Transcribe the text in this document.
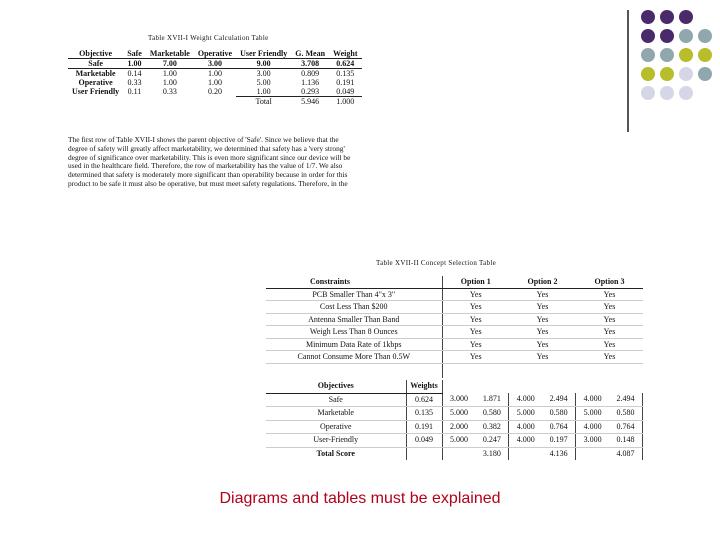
Table XVII-I Weight Calculation Table
Objective	Safe	Marketable	Operative	User Friendly	G. Mean	Weight
Safe	1.00	7.00	3.00	9.00	3.708	0.624
Marketable	0.14	1.00	1.00	3.00	0.809	0.135
Operative	0.33	1.00	1.00	5.00	1.136	0.191
User Friendly	0.11	0.33	0.20	1.00	0.293	0.049
				Total	5.946	1.000
The first row of Table XVII-I shows the parent objective of 'Safe'. Since we believe that the
degree of safety will greatly affect marketability, we determined that safety has a 'very strong'
degree of significance over marketability. This is even more significant since our device will be
used in the healthcare field. Therefore, the row of marketability has the value of 1/7. We also
determined that safety is moderately more significant than operability because in order for this
product to be safe it must also be operative, but must meet safety regulations. Therefore, in the
Table XVII-II Concept Selection Table
Constraints	Option 1	Option 2	Option 3
PCB Smaller Than 4"x 3"	Yes	Yes	Yes
Cost Less Than $200	Yes	Yes	Yes
Antenna Smaller Than Band	Yes	Yes	Yes
Weigh Less Than 8 Ounces	Yes	Yes	Yes
Minimum Data Rate of 1kbps	Yes	Yes	Yes
Cannot Consume More Than 0.5W	Yes	Yes	Yes

Objectives	Weights						
Safe	0.624	3.000	1.871	4.000	2.494	4.000	2.494
Marketable	0.135	5.000	0.580	5.000	0.580	5.000	0.580
Operative	0.191	2.000	0.382	4.000	0.764	4.000	0.764
User-Friendly	0.049	5.000	0.247	4.000	0.197	3.000	0.148
Total Score			3.180		4.136		4.087
Diagrams and tables must be explained
